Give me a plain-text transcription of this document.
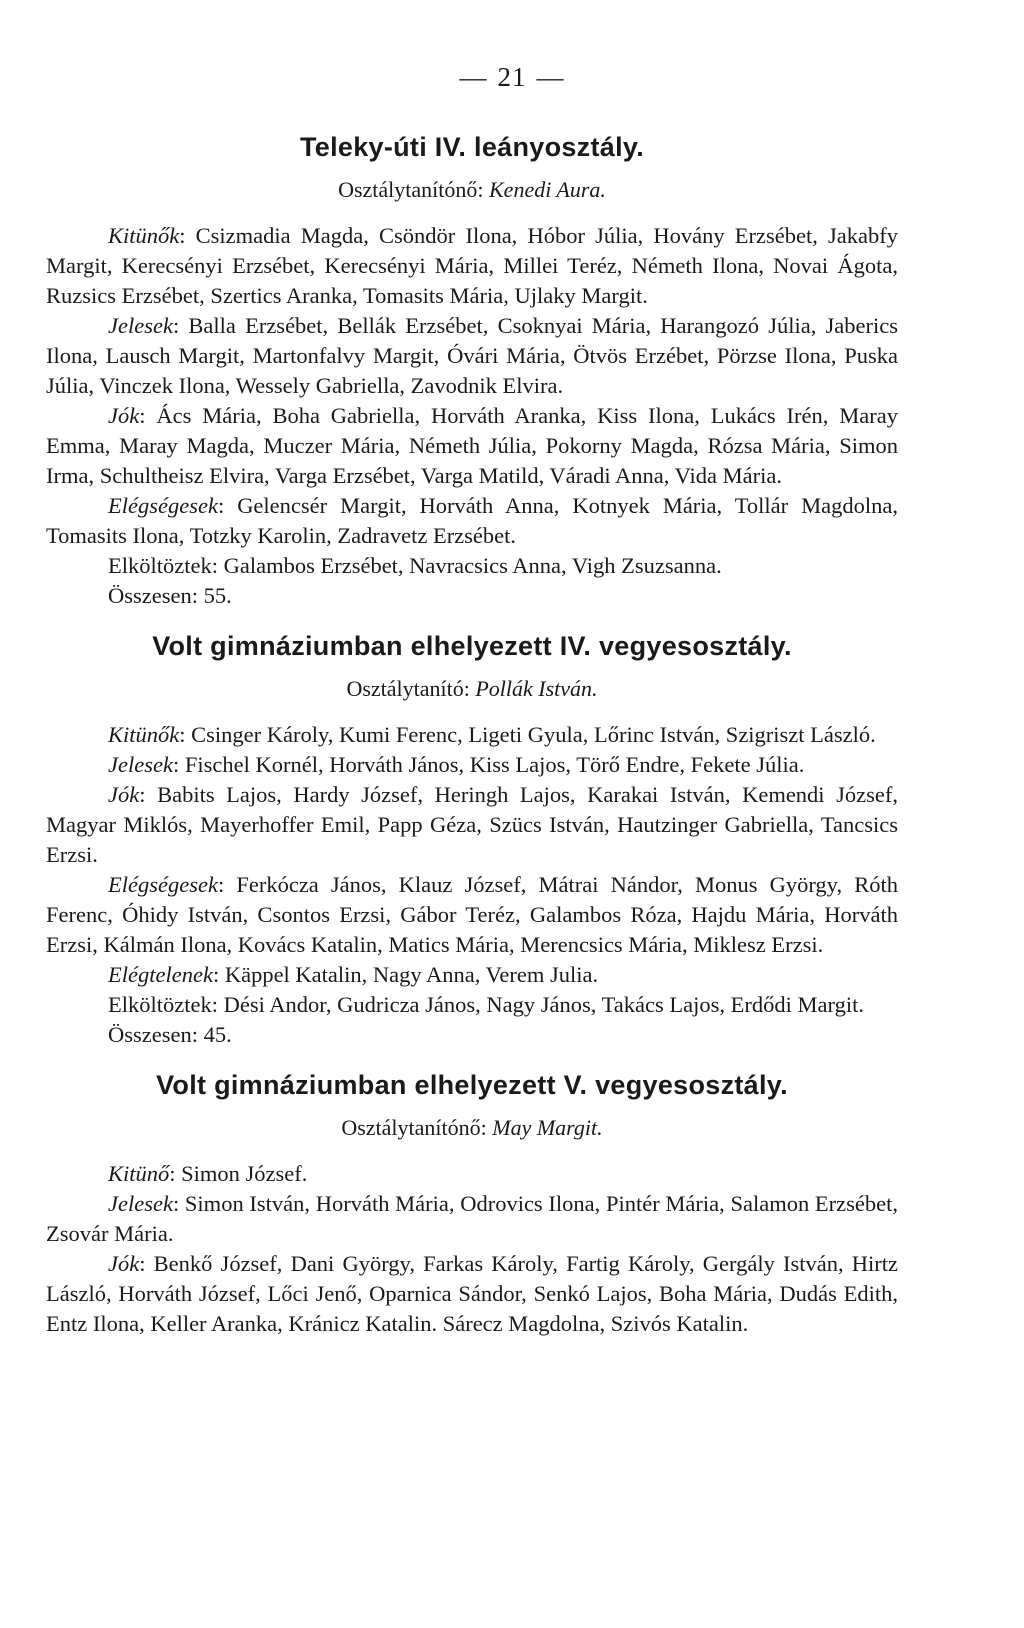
— 21 —
Teleky-úti IV. leányosztály.
Osztálytanítónő: Kenedi Aura.

Kitünők: Csizmadia Magda, Csöndör Ilona, Hóbor Júlia, Hovány Erzsébet, Jakabfy Margit, Kerecsényi Erzsébet, Kerecsényi Mária, Millei Teréz, Németh Ilona, Novai Ágota, Ruzsics Erzsébet, Szertics Aranka, Tomasits Mária, Ujlaky Margit.

Jelesek: Balla Erzsébet, Bellák Erzsébet, Csoknyai Mária, Harangozó Júlia, Jaberics Ilona, Lausch Margit, Martonfalvy Margit, Óvári Mária, Ötvös Erzébet, Pörzse Ilona, Puska Júlia, Vinczek Ilona, Wessely Gabriella, Zavodnik Elvira.

Jók: Ács Mária, Boha Gabriella, Horváth Aranka, Kiss Ilona, Lukács Irén, Maray Emma, Maray Magda, Muczer Mária, Németh Júlia, Pokorny Magda, Rózsa Mária, Simon Irma, Schultheisz Elvira, Varga Erzsébet, Varga Matild, Váradi Anna, Vida Mária.

Elégségesek: Gelencsér Margit, Horváth Anna, Kotnyek Mária, Tollár Magdolna, Tomasits Ilona, Totzky Karolin, Zadravetz Erzsébet.

Elköltöztek: Galambos Erzsébet, Navracsics Anna, Vigh Zsuzsanna.

Összesen: 55.

Volt gimnáziumban elhelyezett IV. vegyesosztály.
Osztálytanító: Pollák István.

Kitünők: Csinger Károly, Kumi Ferenc, Ligeti Gyula, Lőrinc István, Szigriszt László.

Jelesek: Fischel Kornél, Horváth János, Kiss Lajos, Törő Endre, Fekete Júlia.

Jók: Babits Lajos, Hardy József, Heringh Lajos, Karakai István, Kemendi József, Magyar Miklós, Mayerhoffer Emil, Papp Géza, Szücs István, Hautzinger Gabriella, Tancsics Erzsi.

Elégségesek: Ferkócza János, Klauz József, Mátrai Nándor, Monus György, Róth Ferenc, Óhidy István, Csontos Erzsi, Gábor Teréz, Galambos Róza, Hajdu Mária, Horváth Erzsi, Kálmán Ilona, Kovács Katalin, Matics Mária, Merencsics Mária, Miklesz Erzsi.

Elégtelenek: Käppel Katalin, Nagy Anna, Verem Julia.

Elköltöztek: Dési Andor, Gudricza János, Nagy János, Takács Lajos, Erdődi Margit.

Összesen: 45.

Volt gimnáziumban elhelyezett V. vegyesosztály.
Osztálytanítónő: May Margit.

Kitünő: Simon József.

Jelesek: Simon István, Horváth Mária, Odrovics Ilona, Pintér Mária, Salamon Erzsébet, Zsovár Mária.

Jók: Benkő József, Dani György, Farkas Károly, Fartig Károly, Gergály István, Hirtz László, Horváth József, Lőci Jenő, Oparnica Sándor, Senkó Lajos, Boha Mária, Dudás Edith, Entz Ilona, Keller Aranka, Kránicz Katalin. Sárecz Magdolna, Szivós Katalin.
